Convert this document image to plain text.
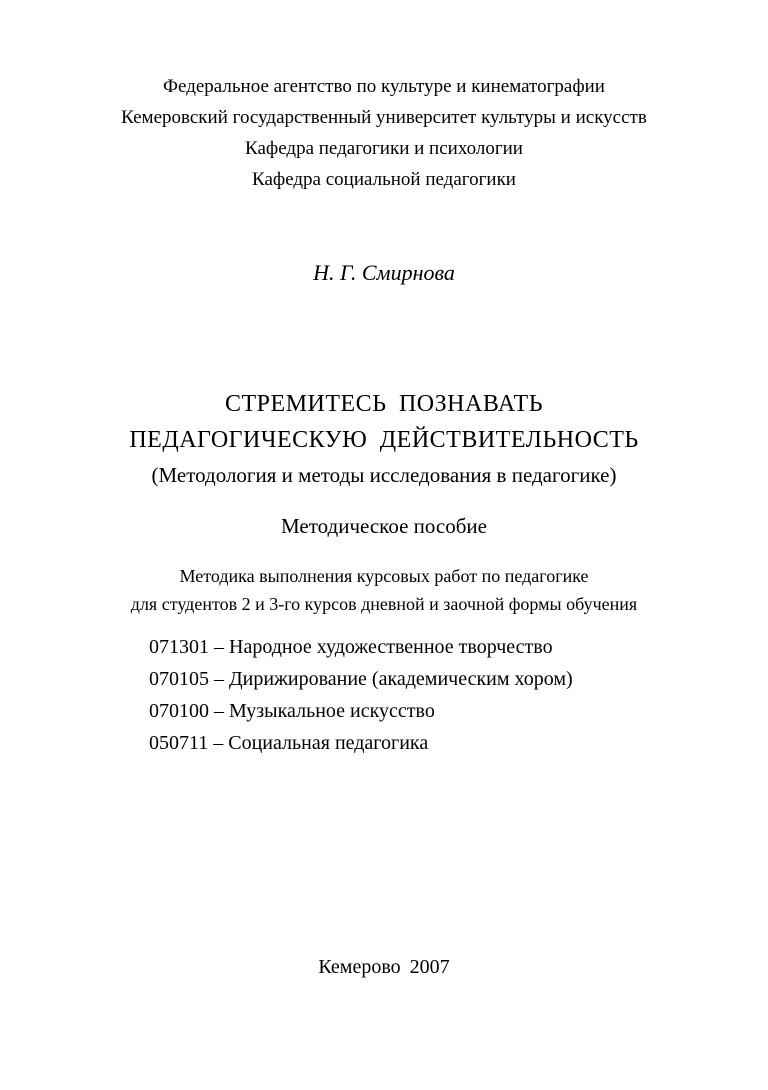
Федеральное агентство по культуре и кинематографии
Кемеровский государственный университет культуры и искусств
Кафедра педагогики и психологии
Кафедра социальной педагогики
Н. Г. Смирнова
СТРЕМИТЕСЬ ПОЗНАВАТЬ
ПЕДАГОГИЧЕСКУЮ ДЕЙСТВИТЕЛЬНОСТЬ
(Методология и методы исследования в педагогике)
Методическое пособие
Методика выполнения курсовых работ по педагогике
для студентов 2 и 3-го курсов дневной и заочной формы обучения
071301 – Народное художественное творчество
070105 – Дирижирование (академическим хором)
070100 – Музыкальное искусство
050711 – Социальная педагогика
Кемерово 2007
